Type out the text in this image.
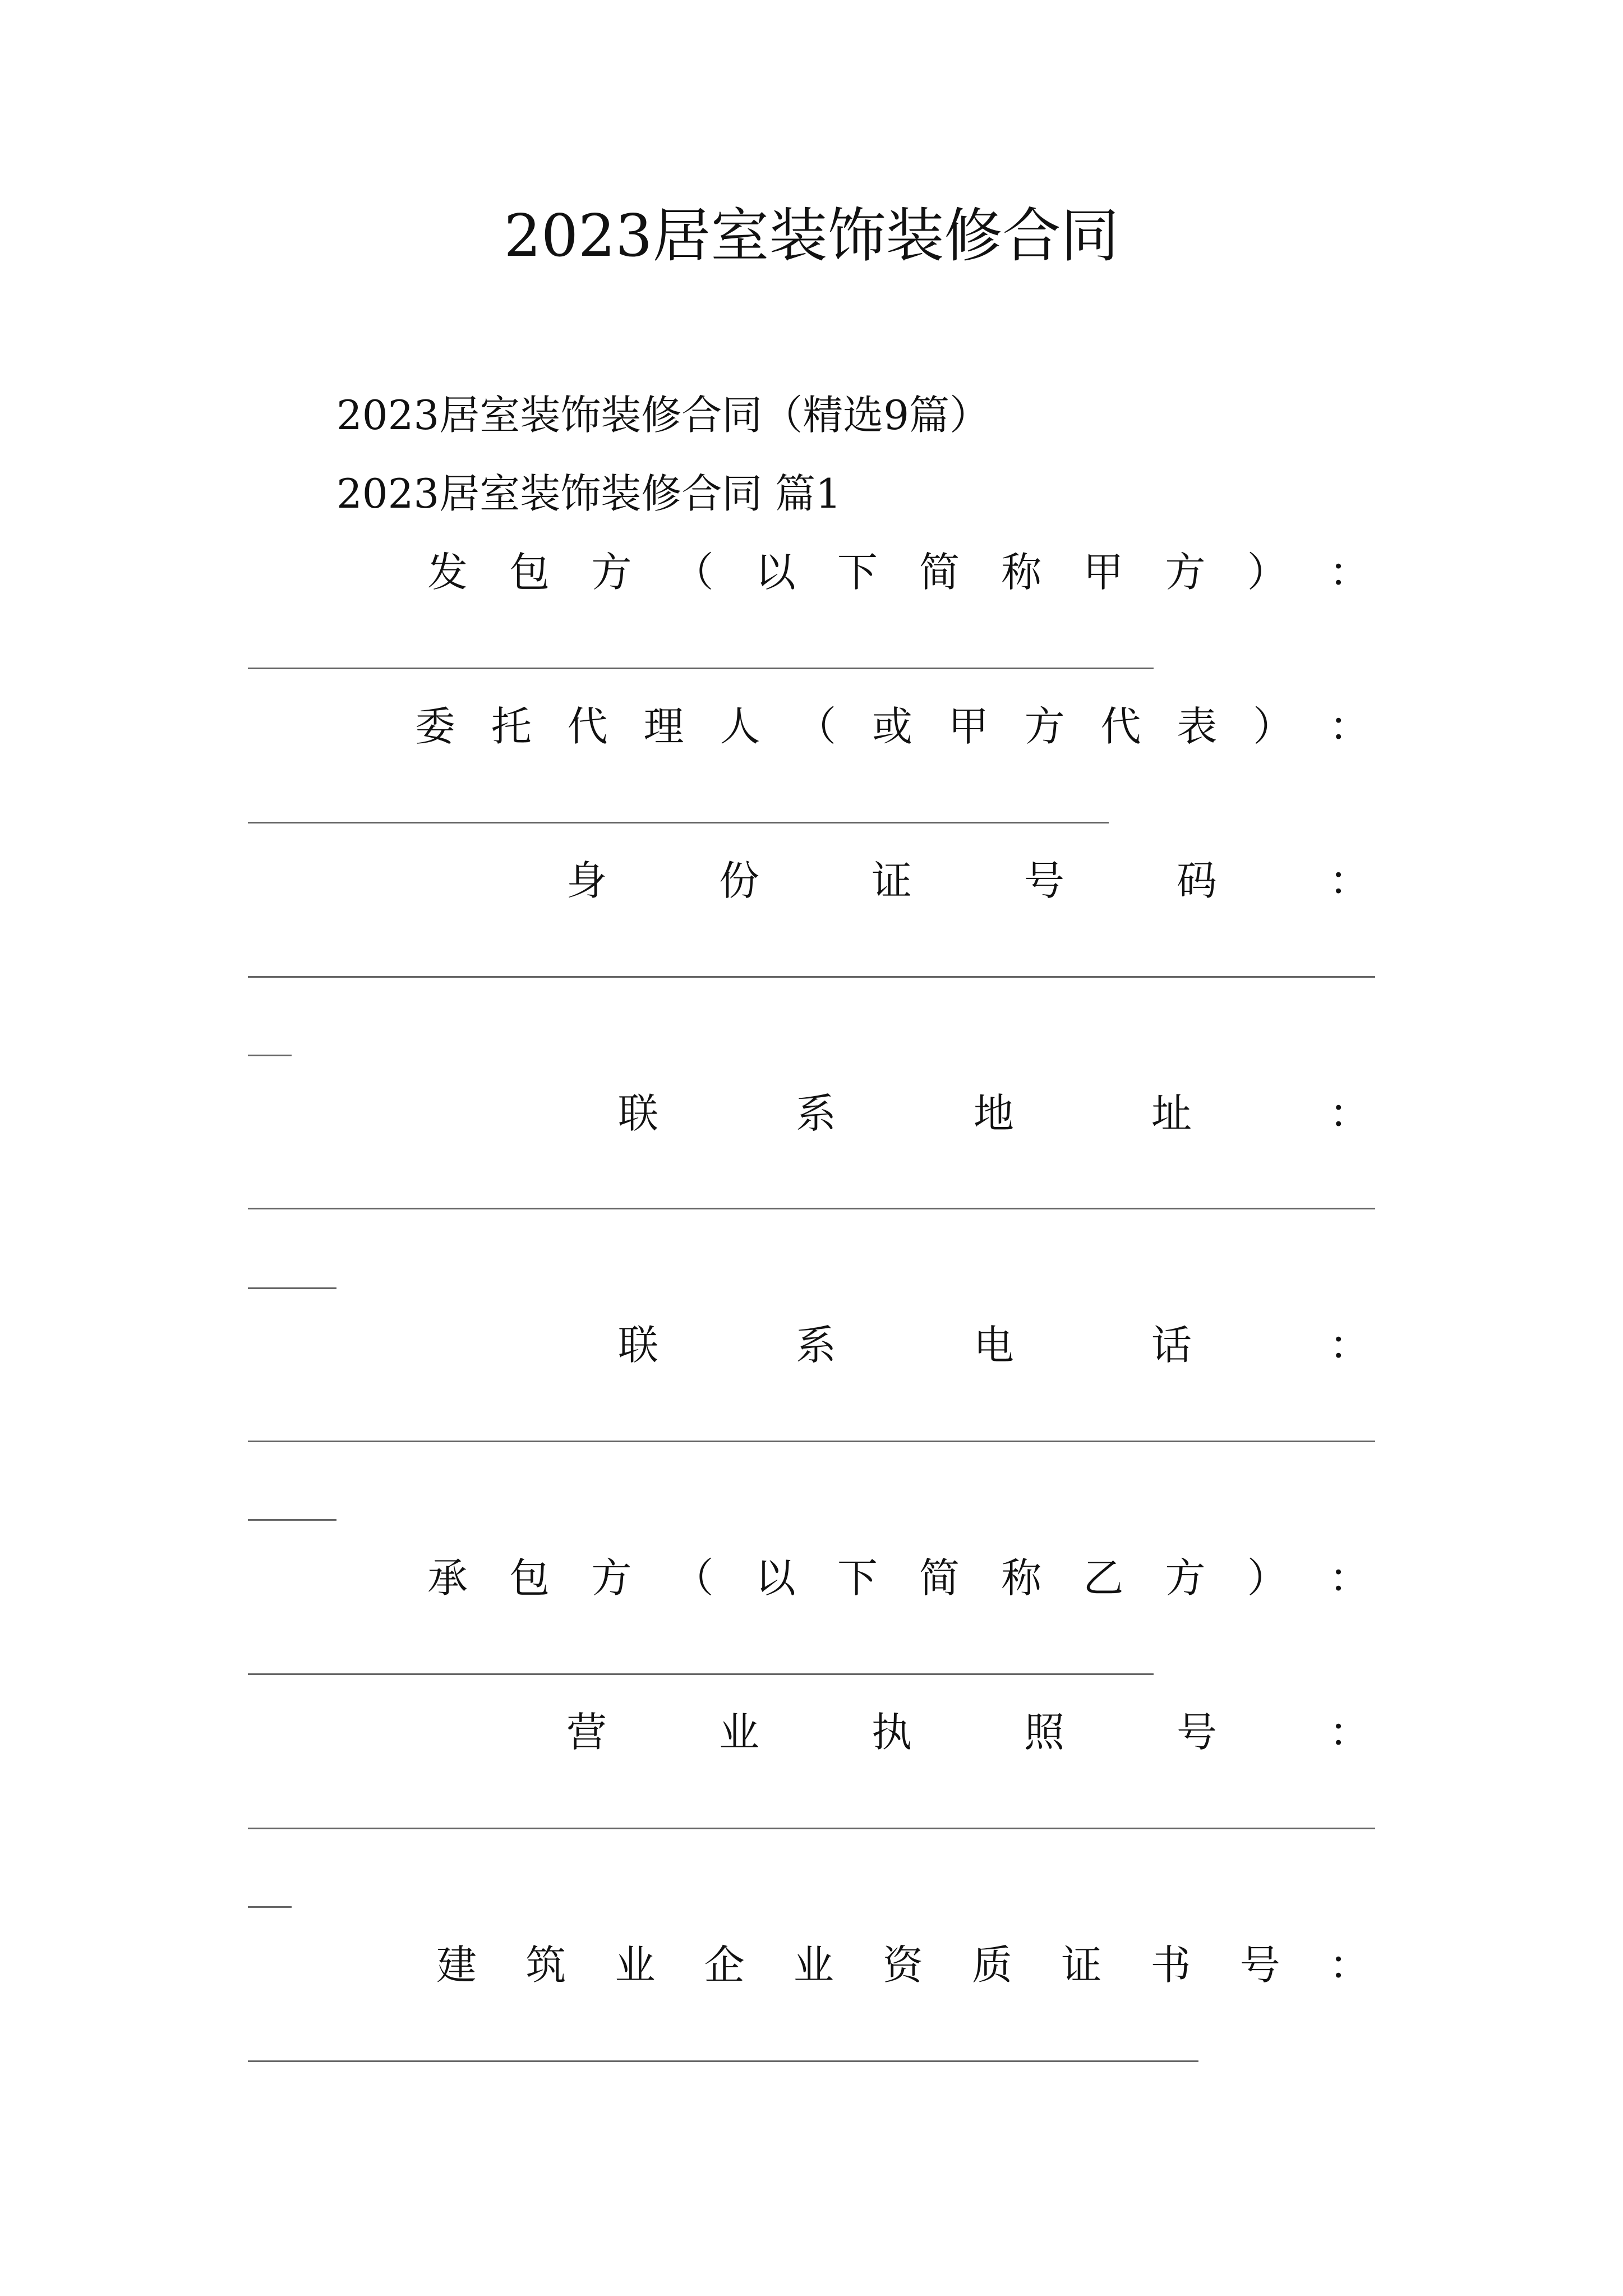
2023居室装饰装修合同
2023居室装饰装修合同（精选9篇）
2023居室装饰装修合同 篇1
发 包 方 （ 以 下 简 称 甲 方 ） ：
委 托 代 理 人 （ 或 甲 方 代 表 ） ：
身	份	证	号	码	：
联	系	地	址	：
联	系	电	话	：
承 包 方 （ 以 下 简 称 乙 方 ） ：
营	业	执	照	号	：
建 筑 业 企 业 资 质 证 书 号 ：
